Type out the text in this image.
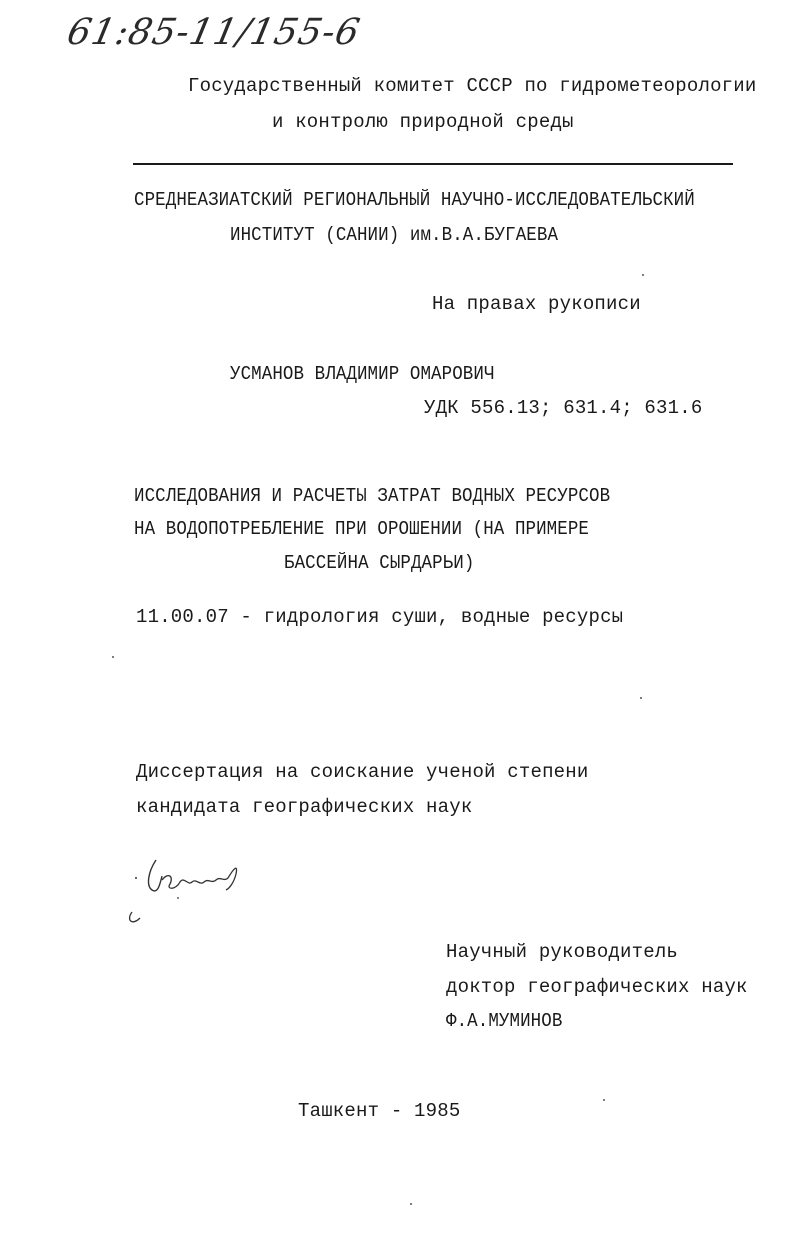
61:85-11/155-6
Государственный комитет СССР по гидрометеорологии
и контролю природной среды
СРЕДНЕАЗИАТСКИЙ РЕГИОНАЛЬНЫЙ НАУЧНО-ИССЛЕДОВАТЕЛЬСКИЙ
ИНСТИТУТ (САНИИ) им.В.А.БУГАЕВА
На правах рукописи
УСМАНОВ ВЛАДИМИР ОМАРОВИЧ
УДК 556.13; 631.4; 631.6
ИССЛЕДОВАНИЯ И РАСЧЕТЫ ЗАТРАТ ВОДНЫХ РЕСУРСОВ
НА ВОДОПОТРЕБЛЕНИЕ ПРИ ОРОШЕНИИ (НА ПРИМЕРЕ
БАССЕЙНА СЫРДАРЬИ)
11.00.07 - гидрология суши, водные ресурсы
Диссертация на соискание ученой степени
кандидата географических наук
Научный руководитель
доктор географических наук
Ф.А.МУМИНОВ
Ташкент - 1985
